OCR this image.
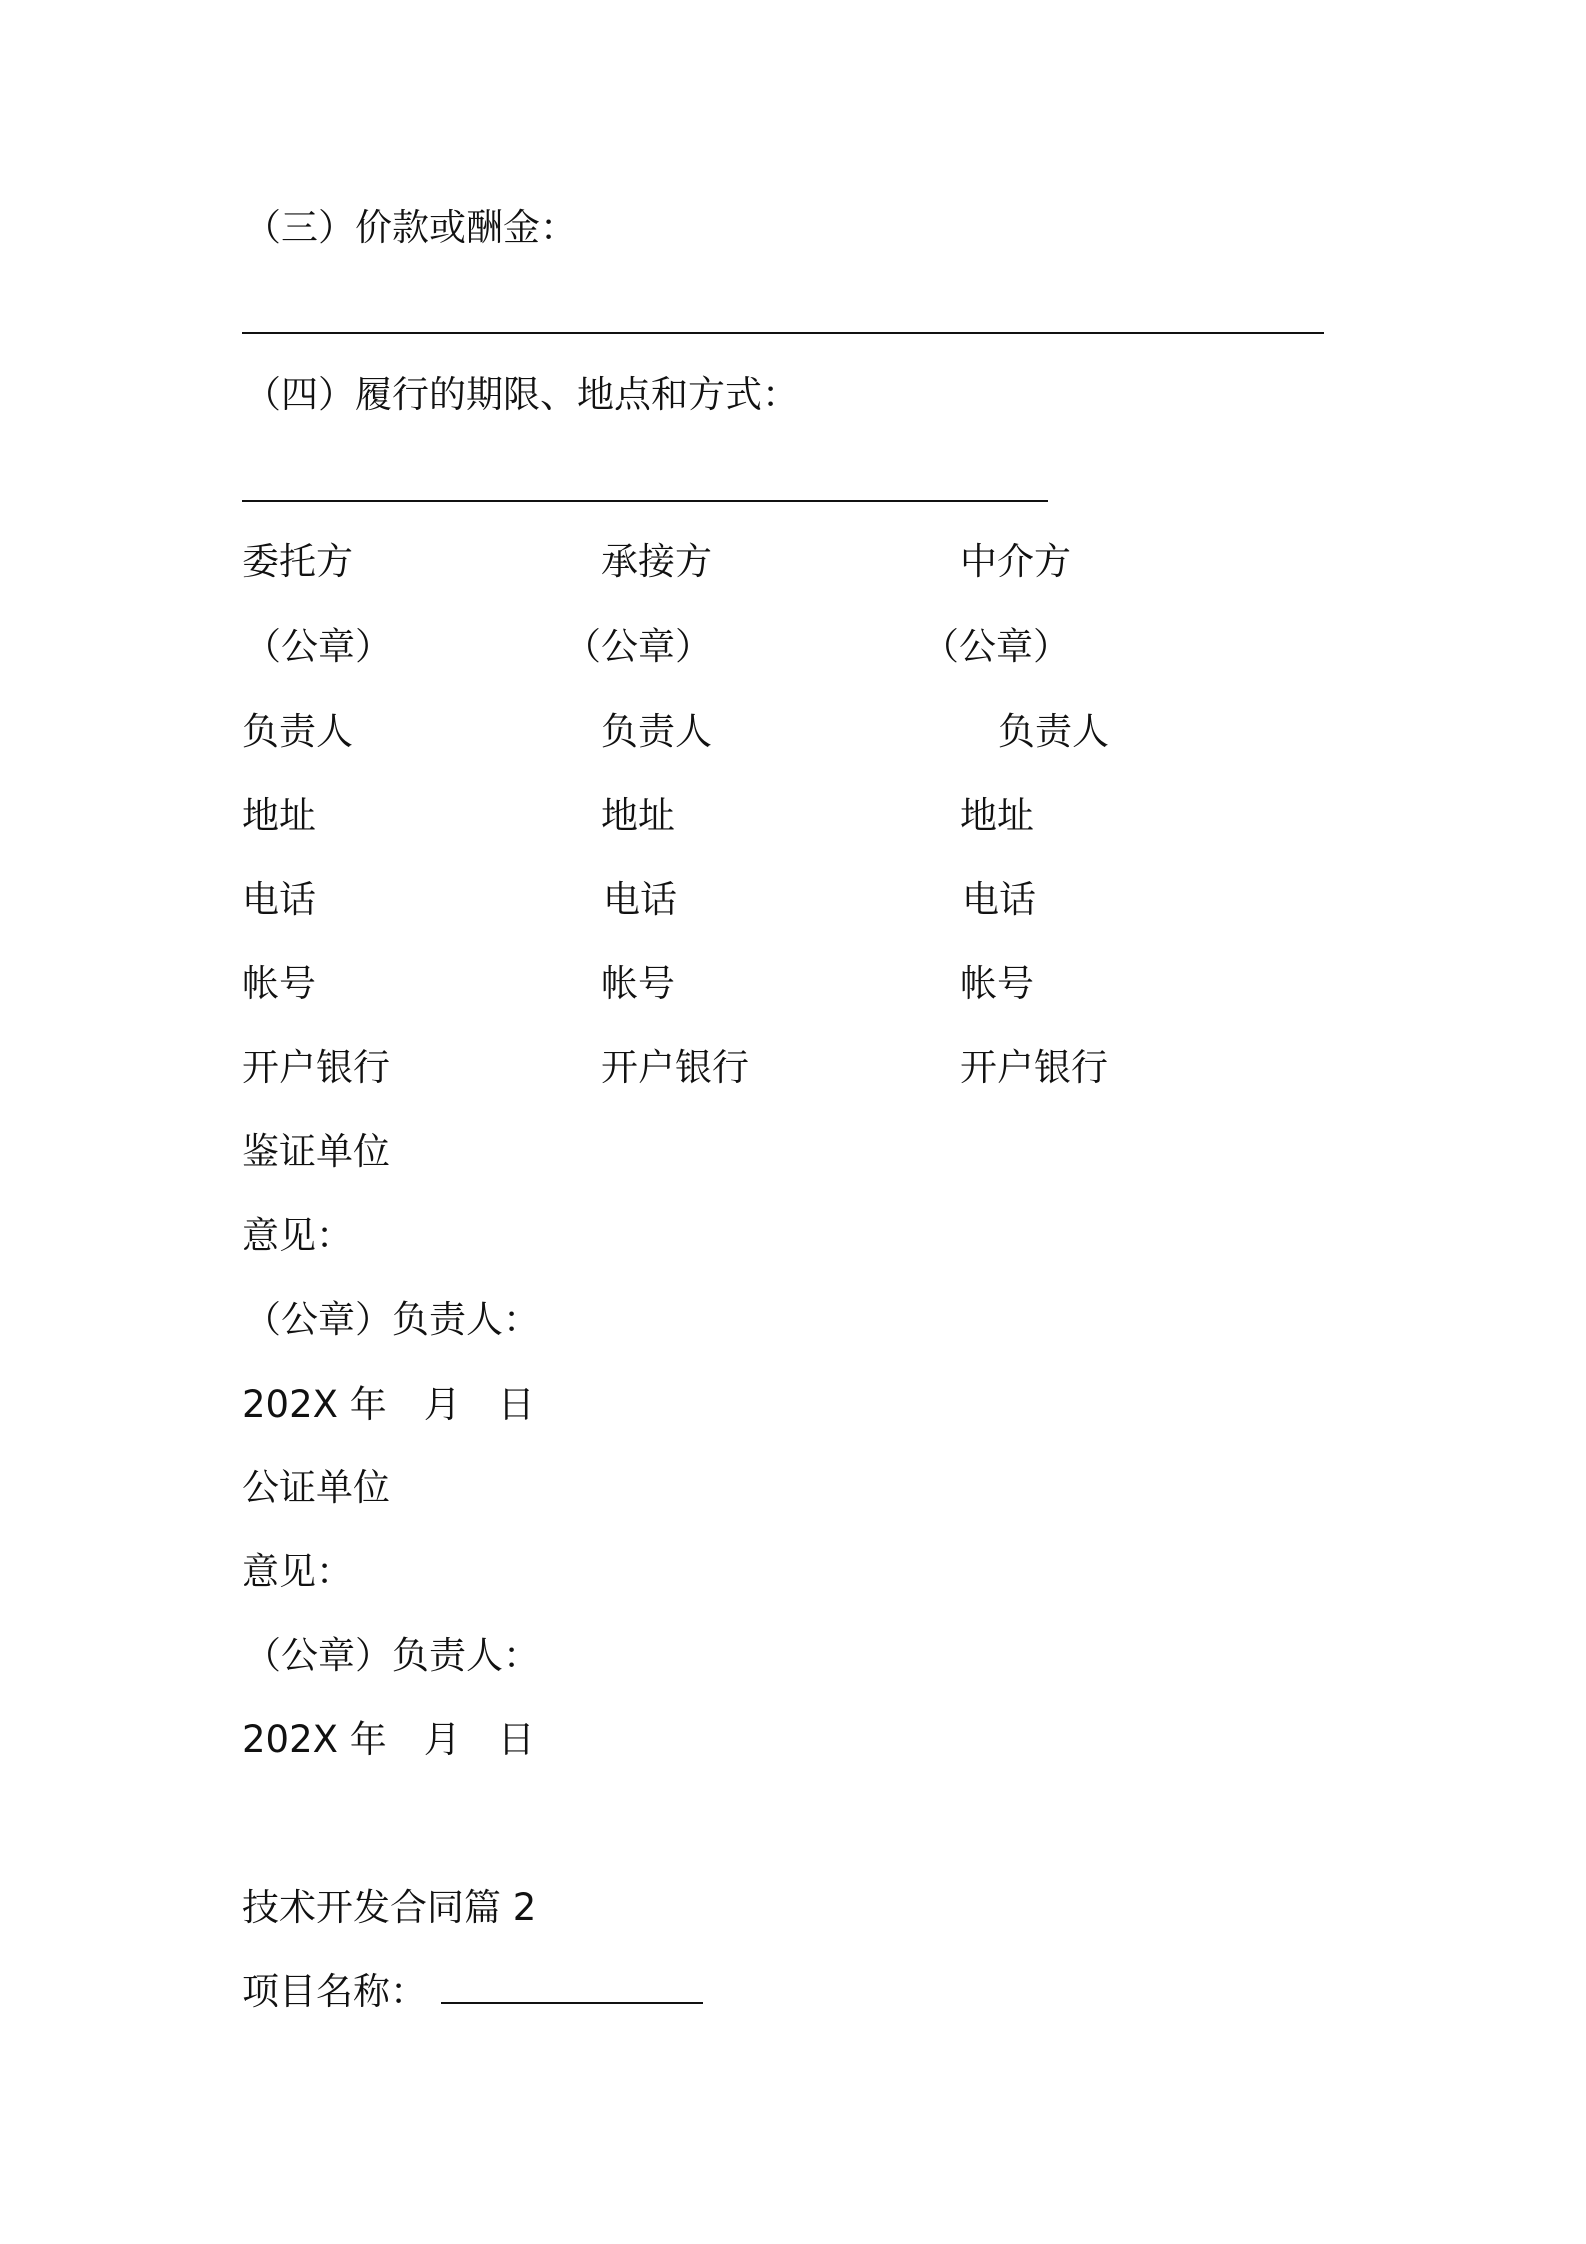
（三）价款或酬金：
（四）履行的期限、地点和方式：
委托方	承接方	中介方
（公章）	（公章）	（公章）
负责人	负责人	负责人
地址	地址	地址
电话	电话	电话
帐号	帐号	帐号
开户银行	开户银行	开户银行
鉴证单位
意见：
（公章）负责人：
202X 年　月　日
公证单位
意见：
（公章）负责人：
202X 年　月　日
技术开发合同篇 2
项目名称：
